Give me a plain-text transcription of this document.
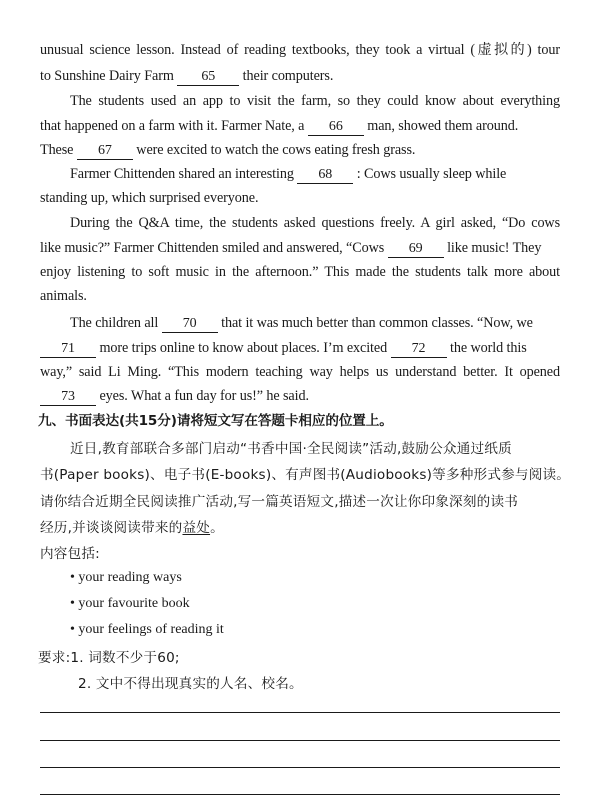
unusual science lesson. Instead of reading textbooks, they took a virtual (虚拟的) tour
to Sunshine Dairy Farm 65 their computers.
The students used an app to visit the farm, so they could know about everything
that happened on a farm with it. Farmer Nate, a 66 man, showed them around.
These 67 were excited to watch the cows eating fresh grass.
Farmer Chittenden shared an interesting 68 : Cows usually sleep while
standing up, which surprised everyone.
During the Q&A time, the students asked questions freely. A girl asked, “Do cows
like music?” Farmer Chittenden smiled and answered, “Cows 69 like music! They
enjoy listening to soft music in the afternoon.” This made the students talk more about
animals.
The children all 70 that it was much better than common classes. “Now, we
71 more trips online to know about places. I’m excited 72 the world this
way,” said Li Ming. “This modern teaching way helps us understand better. It opened
73 eyes. What a fun day for us!” he said.
九、书面表达(共15分)请将短文写在答题卡相应的位置上。
近日,教育部联合多部门启动“书香中国·全民阅读”活动,鼓励公众通过纸质
书(Paper books)、电子书(E-books)、有声图书(Audiobooks)等多种形式参与阅读。
请你结合近期全民阅读推广活动,写一篇英语短文,描述一次让你印象深刻的读书
经历,并谈谈阅读带来的益处。
内容包括:
• your reading ways
• your favourite book
• your feelings of reading it
要求:1. 词数不少于60;
2. 文中不得出现真实的人名、校名。
